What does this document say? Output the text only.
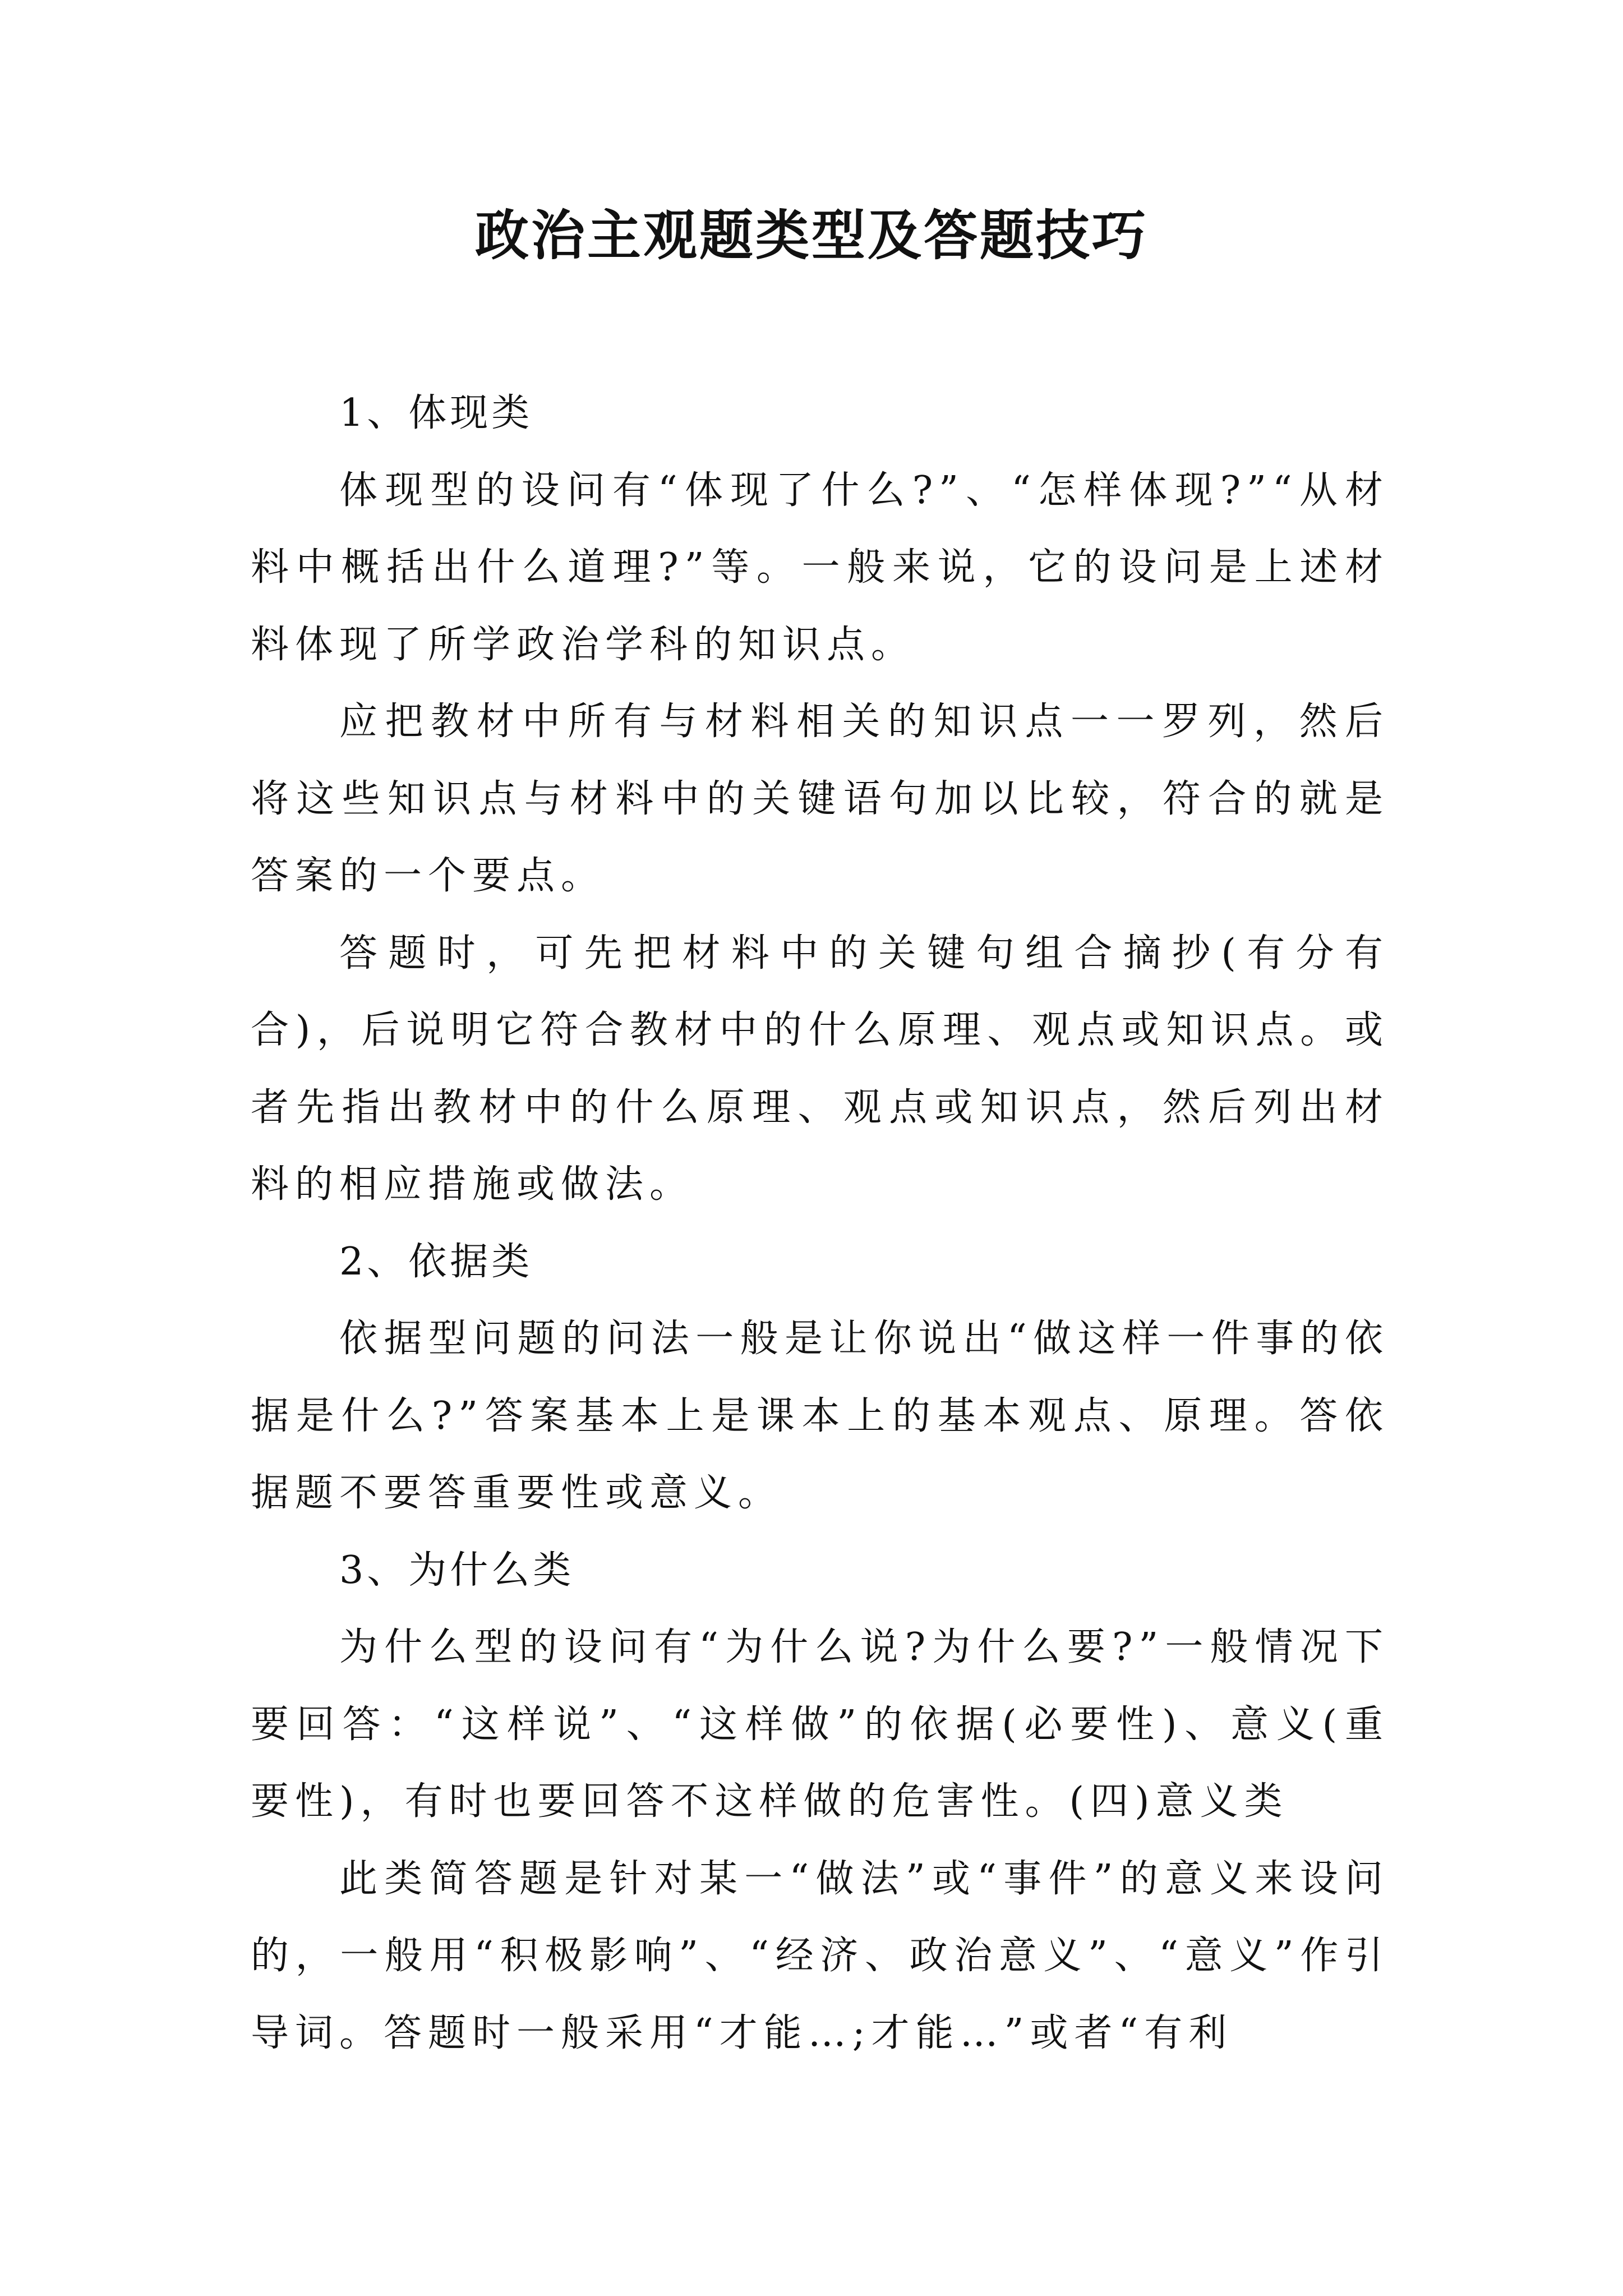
政治主观题类型及答题技巧

1、体现类

体现型的设问有“体现了什么?”、“怎样体现?”“从材料中概括出什么道理?”等。一般来说，它的设问是上述材料体现了所学政治学科的知识点。

应把教材中所有与材料相关的知识点一一罗列，然后将这些知识点与材料中的关键语句加以比较，符合的就是答案的一个要点。

答题时，可先把材料中的关键句组合摘抄(有分有合)，后说明它符合教材中的什么原理、观点或知识点。或者先指出教材中的什么原理、观点或知识点，然后列出材料的相应措施或做法。

2、依据类

依据型问题的问法一般是让你说出“做这样一件事的依据是什么?”答案基本上是课本上的基本观点、原理。答依据题不要答重要性或意义。

3、为什么类

为什么型的设问有“为什么说?为什么要?”一般情况下要回答：“这样说”、“这样做”的依据(必要性)、意义(重要性)，有时也要回答不这样做的危害性。(四)意义类

此类简答题是针对某一“做法”或“事件”的意义来设问的，一般用“积极影响”、“经济、政治意义”、“意义”作引导词。答题时一般采用“才能…;才能…”或者“有利
